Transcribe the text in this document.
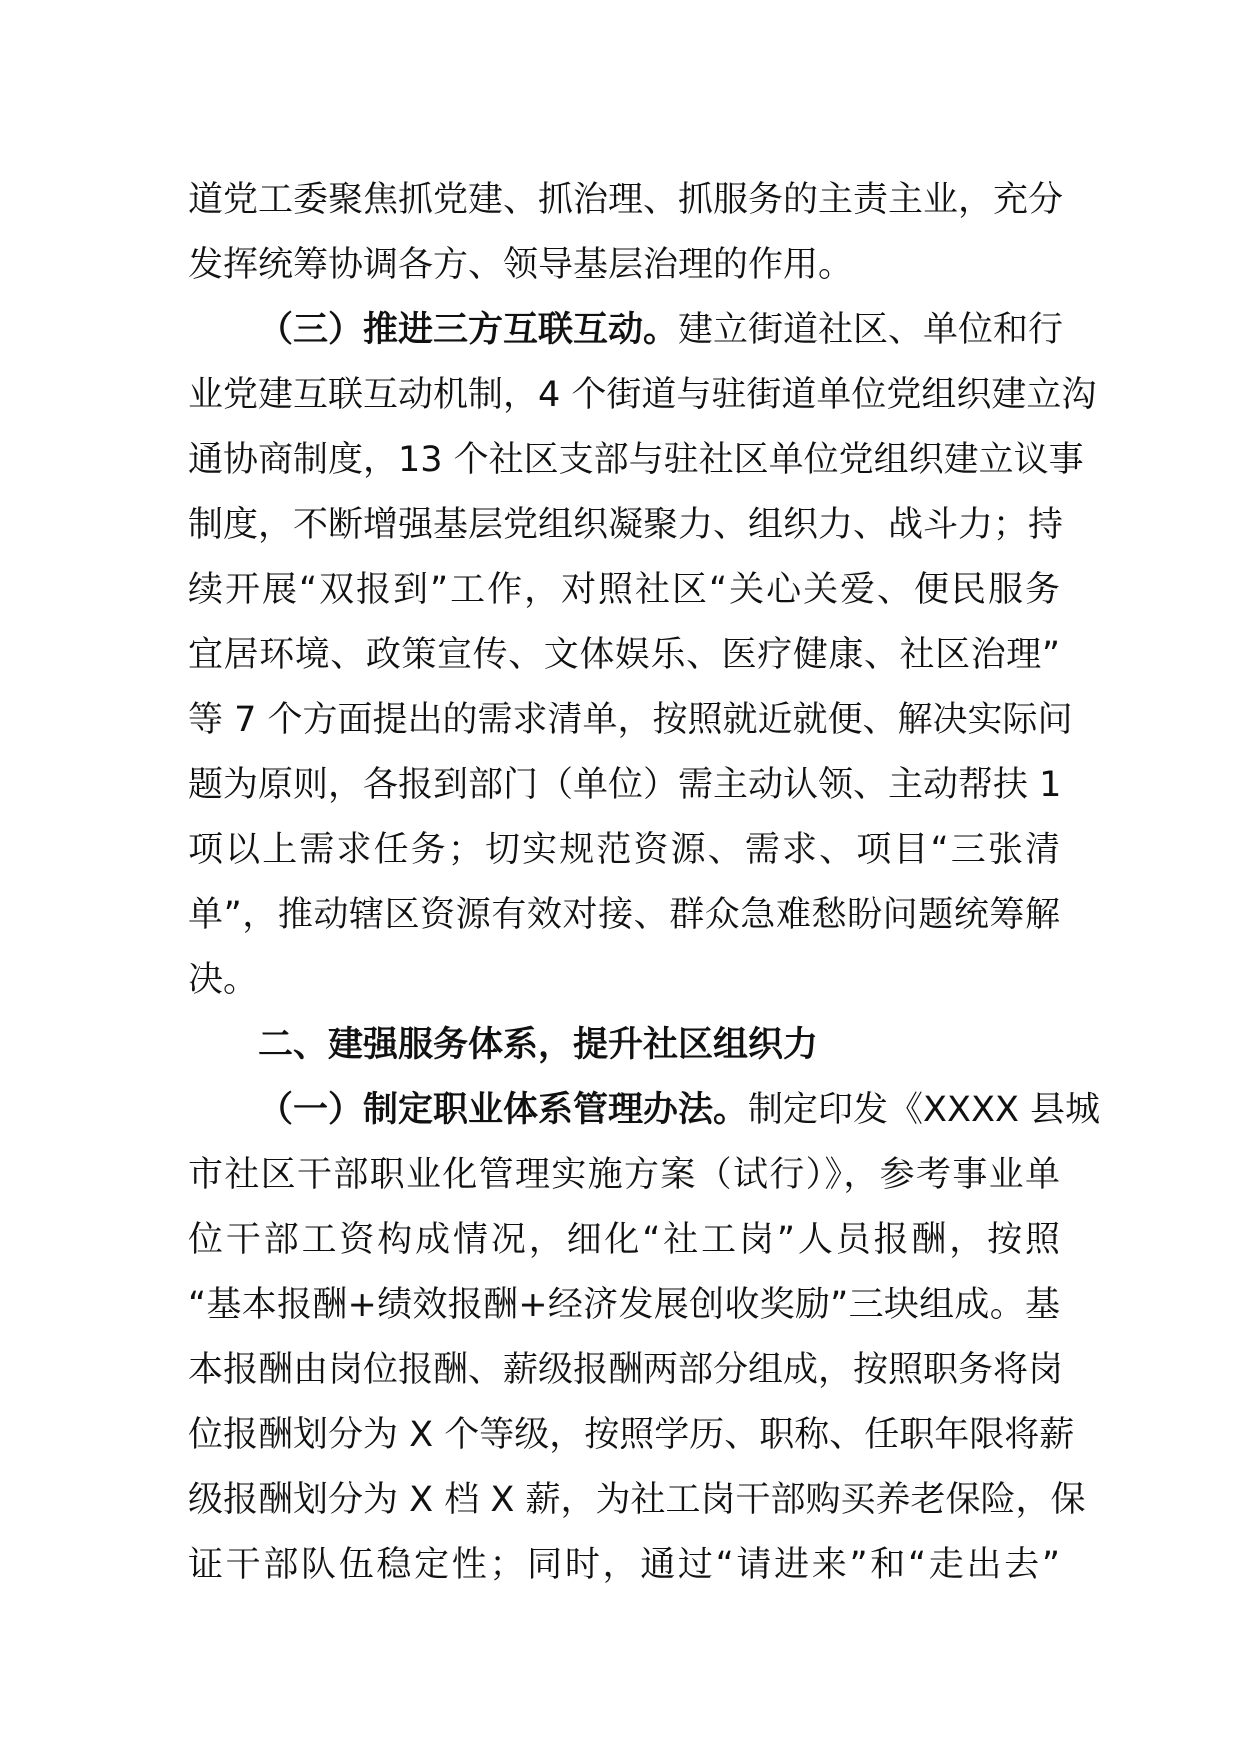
道党工委聚焦抓党建、抓治理、抓服务的主责主业，充分
发挥统筹协调各方、领导基层治理的作用。
（三）推进三方互联互动。建立街道社区、单位和行
业党建互联互动机制，4 个街道与驻街道单位党组织建立沟
通协商制度，13 个社区支部与驻社区单位党组织建立议事
制度，不断增强基层党组织凝聚力、组织力、战斗力；持
续开展“双报到”工作，对照社区“关心关爱、便民服务
宜居环境、政策宣传、文体娱乐、医疗健康、社区治理”
等 7 个方面提出的需求清单，按照就近就便、解决实际问
题为原则，各报到部门（单位）需主动认领、主动帮扶 1
项以上需求任务；切实规范资源、需求、项目“三张清
单”，推动辖区资源有效对接、群众急难愁盼问题统筹解
决。
二、建强服务体系，提升社区组织力
（一）制定职业体系管理办法。制定印发《XXXX 县城
市社区干部职业化管理实施方案（试行）》，参考事业单
位干部工资构成情况，细化“社工岗”人员报酬，按照
“基本报酬+绩效报酬+经济发展创收奖励”三块组成。基
本报酬由岗位报酬、薪级报酬两部分组成，按照职务将岗
位报酬划分为 X 个等级，按照学历、职称、任职年限将薪
级报酬划分为 X 档 X 薪，为社工岗干部购买养老保险，保
证干部队伍稳定性；同时，通过“请进来”和“走出去”
